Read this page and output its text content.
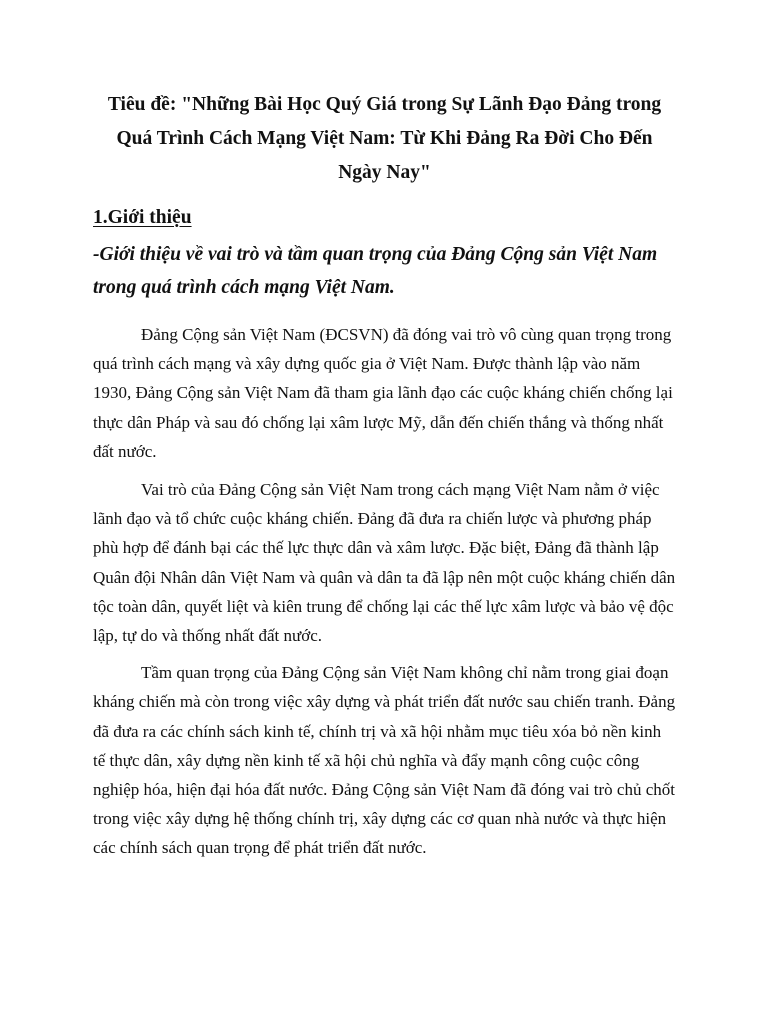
Tiêu đề: "Những Bài Học Quý Giá trong Sự Lãnh Đạo Đảng trong Quá Trình Cách Mạng Việt Nam: Từ Khi Đảng Ra Đời Cho Đến Ngày Nay"
1.Giới thiệu

-Giới thiệu về vai trò và tầm quan trọng của Đảng Cộng sản Việt Nam trong quá trình cách mạng Việt Nam.

Đảng Cộng sản Việt Nam (ĐCSVN) đã đóng vai trò vô cùng quan trọng trong quá trình cách mạng và xây dựng quốc gia ở Việt Nam. Được thành lập vào năm 1930, Đảng Cộng sản Việt Nam đã tham gia lãnh đạo các cuộc kháng chiến chống lại thực dân Pháp và sau đó chống lại xâm lược Mỹ, dẫn đến chiến thắng và thống nhất đất nước.

Vai trò của Đảng Cộng sản Việt Nam trong cách mạng Việt Nam nằm ở việc lãnh đạo và tổ chức cuộc kháng chiến. Đảng đã đưa ra chiến lược và phương pháp phù hợp để đánh bại các thế lực thực dân và xâm lược. Đặc biệt, Đảng đã thành lập Quân đội Nhân dân Việt Nam và quân và dân ta đã lập nên một cuộc kháng chiến dân tộc toàn dân, quyết liệt và kiên trung để chống lại các thế lực xâm lược và bảo vệ độc lập, tự do và thống nhất đất nước.

Tầm quan trọng của Đảng Cộng sản Việt Nam không chỉ nằm trong giai đoạn kháng chiến mà còn trong việc xây dựng và phát triển đất nước sau chiến tranh. Đảng đã đưa ra các chính sách kinh tế, chính trị và xã hội nhằm mục tiêu xóa bỏ nền kinh tế thực dân, xây dựng nền kinh tế xã hội chủ nghĩa và đẩy mạnh công cuộc công nghiệp hóa, hiện đại hóa đất nước. Đảng Cộng sản Việt Nam đã đóng vai trò chủ chốt trong việc xây dựng hệ thống chính trị, xây dựng các cơ quan nhà nước và thực hiện các chính sách quan trọng để phát triển đất nước.
